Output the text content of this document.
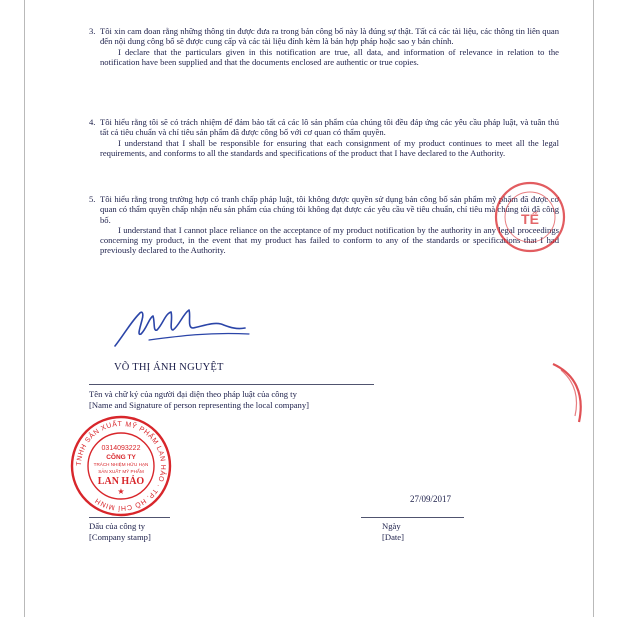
3. Tôi xin cam đoan rằng những thông tin được đưa ra trong bản công bố này là đúng sự thật. Tất cả các tài liệu, các thông tin liên quan đến nội dung công bố sẽ được cung cấp và các tài liệu đính kèm là bản hợp pháp hoặc sao y bản chính.
I declare that the particulars given in this notification are true, all data, and information of relevance in relation to the notification have been supplied and that the documents enclosed are authentic or true copies.
4. Tôi hiểu rằng tôi sẽ có trách nhiệm để đảm bảo tất cả các lô sản phẩm của chúng tôi đều đáp ứng các yêu cầu pháp luật, và tuân thủ tất cả tiêu chuẩn và chỉ tiêu sản phẩm đã được công bố với cơ quan có thẩm quyền.
I understand that I shall be responsible for ensuring that each consignment of my product continues to meet all the legal requirements, and conforms to all the standards and specifications of the product that I have declared to the Authority.
5. Tôi hiểu rằng trong trường hợp có tranh chấp pháp luật, tôi không được quyền sử dụng bản công bố sản phẩm mỹ phẩm đã được cơ quan có thẩm quyền chấp nhận nếu sản phẩm của chúng tôi không đạt được các yêu cầu về tiêu chuẩn, chỉ tiêu mà chúng tôi đã công bố.
I understand that I cannot place reliance on the acceptance of my product notification by the authority in any legal proceedings concerning my product, in the event that my product has failed to conform to any of the standards or specifications that I had previously declared to the Authority.
TẾ
VÕ THỊ ÁNH NGUYỆT
Tên và chữ ký của người đại diện theo pháp luật của công ty
[Name and Signature of person representing the local company]
TNHH SẢN XUẤT MỸ PHẨM LAN HẢO · TP. HỒ CHÍ MINH
0314093222
CÔNG TY
TRÁCH NHIỆM HỮU HẠN
SẢN XUẤT MỸ PHẨM
LAN HẢO
★
27/09/2017
Dấu của công ty
[Company stamp]
Ngày
[Date]
